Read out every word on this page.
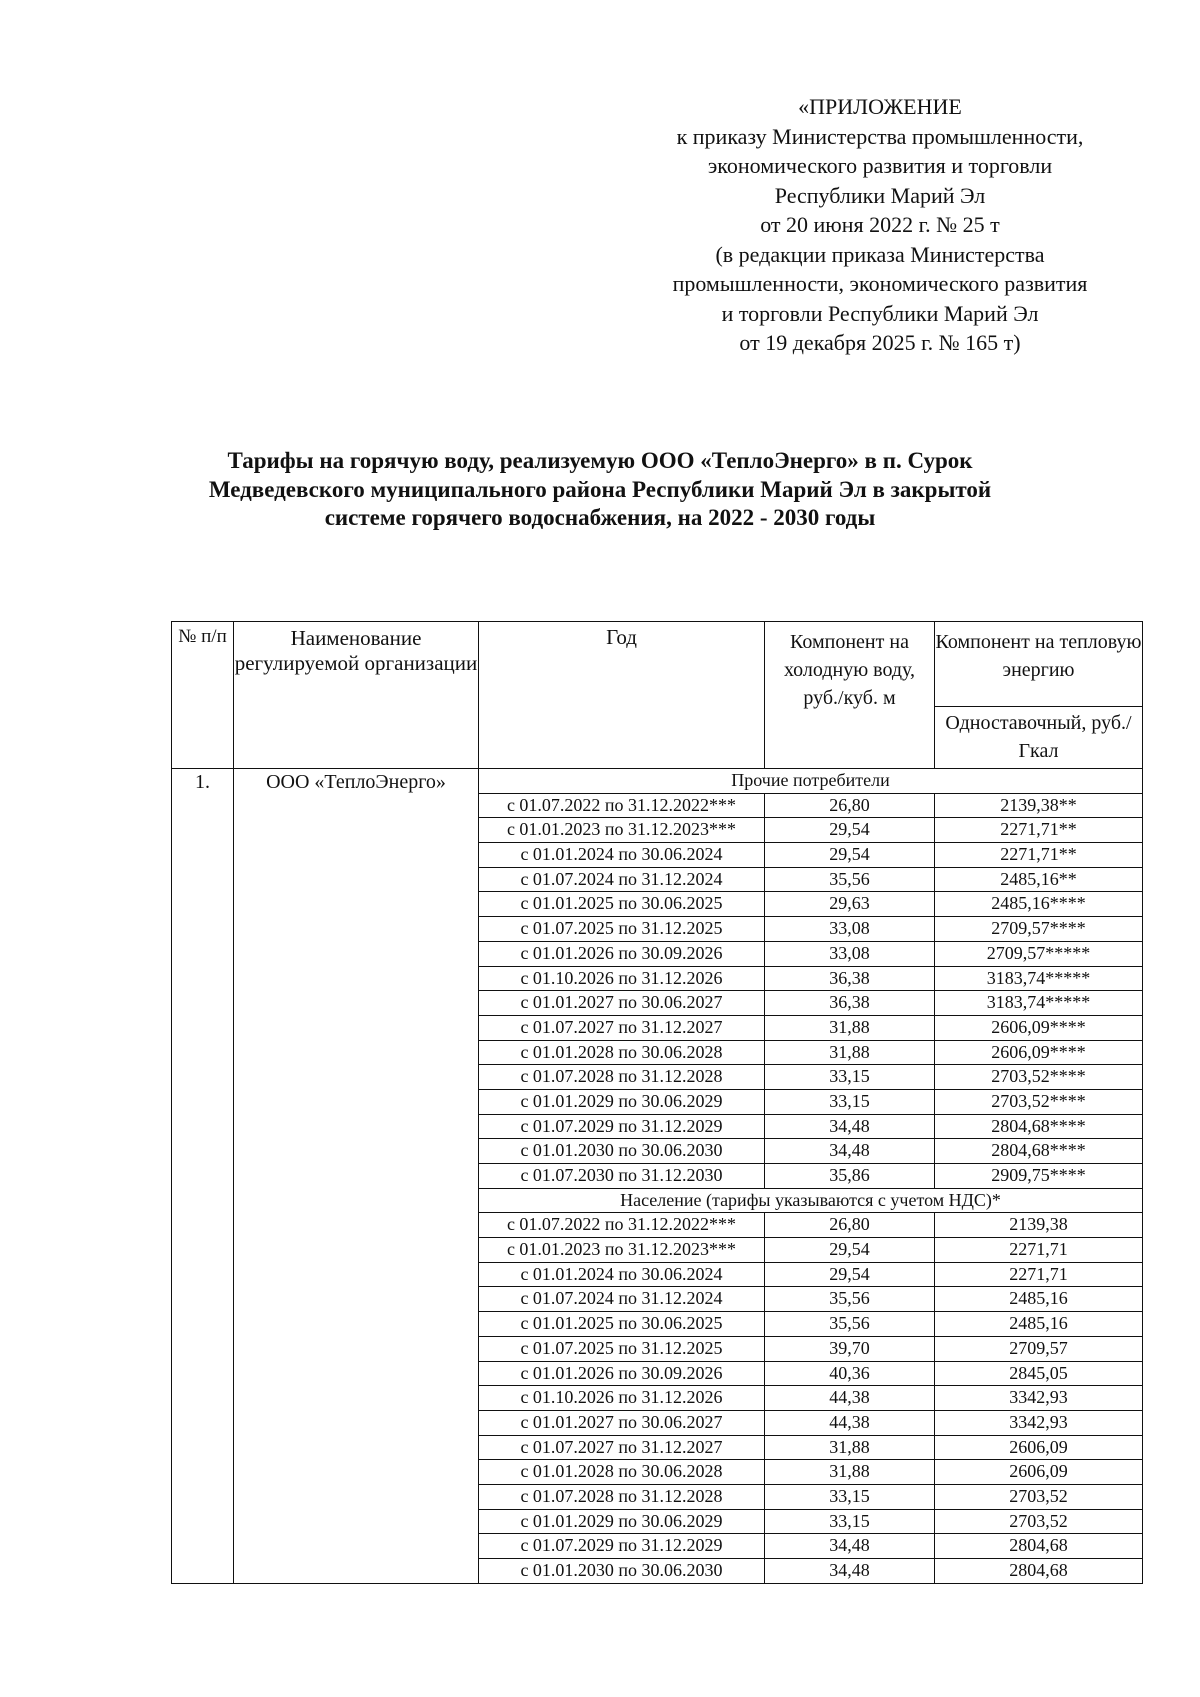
«ПРИЛОЖЕНИЕ
к приказу Министерства промышленности,
экономического развития и торговли
Республики Марий Эл
от 20 июня 2022 г. № 25 т
(в редакции приказа Министерства
промышленности, экономического развития
и торговли Республики Марий Эл
от 19 декабря 2025 г. № 165 т)
Тарифы на горячую воду, реализуемую ООО «ТеплоЭнерго» в п. Сурок
Медведевского муниципального района Республики Марий Эл в закрытой
системе горячего водоснабжения, на 2022 - 2030 годы
№ п/п	Наименование регулируемой организации	Год	Компонент на холодную воду, руб./куб. м	Компонент на тепловую энергию
				Одноставочный, руб./Гкал
1.	ООО «ТеплоЭнерго»	Прочие потребители		
		с 01.07.2022 по 31.12.2022***	26,80	2139,38**
		с 01.01.2023 по 31.12.2023***	29,54	2271,71**
		с 01.01.2024 по 30.06.2024	29,54	2271,71**
		с 01.07.2024 по 31.12.2024	35,56	2485,16**
		с 01.01.2025 по 30.06.2025	29,63	2485,16****
		с 01.07.2025 по 31.12.2025	33,08	2709,57****
		с 01.01.2026 по 30.09.2026	33,08	2709,57*****
		с 01.10.2026 по 31.12.2026	36,38	3183,74*****
		с 01.01.2027 по 30.06.2027	36,38	3183,74*****
		с 01.07.2027 по 31.12.2027	31,88	2606,09****
		с 01.01.2028 по 30.06.2028	31,88	2606,09****
		с 01.07.2028 по 31.12.2028	33,15	2703,52****
		с 01.01.2029 по 30.06.2029	33,15	2703,52****
		с 01.07.2029 по 31.12.2029	34,48	2804,68****
		с 01.01.2030 по 30.06.2030	34,48	2804,68****
		с 01.07.2030 по 31.12.2030	35,86	2909,75****
		Население (тарифы указываются с учетом НДС)*		
		с 01.07.2022 по 31.12.2022***	26,80	2139,38
		с 01.01.2023 по 31.12.2023***	29,54	2271,71
		с 01.01.2024 по 30.06.2024	29,54	2271,71
		с 01.07.2024 по 31.12.2024	35,56	2485,16
		с 01.01.2025 по 30.06.2025	35,56	2485,16
		с 01.07.2025 по 31.12.2025	39,70	2709,57
		с 01.01.2026 по 30.09.2026	40,36	2845,05
		с 01.10.2026 по 31.12.2026	44,38	3342,93
		с 01.01.2027 по 30.06.2027	44,38	3342,93
		с 01.07.2027 по 31.12.2027	31,88	2606,09
		с 01.01.2028 по 30.06.2028	31,88	2606,09
		с 01.07.2028 по 31.12.2028	33,15	2703,52
		с 01.01.2029 по 30.06.2029	33,15	2703,52
		с 01.07.2029 по 31.12.2029	34,48	2804,68
		с 01.01.2030 по 30.06.2030	34,48	2804,68
